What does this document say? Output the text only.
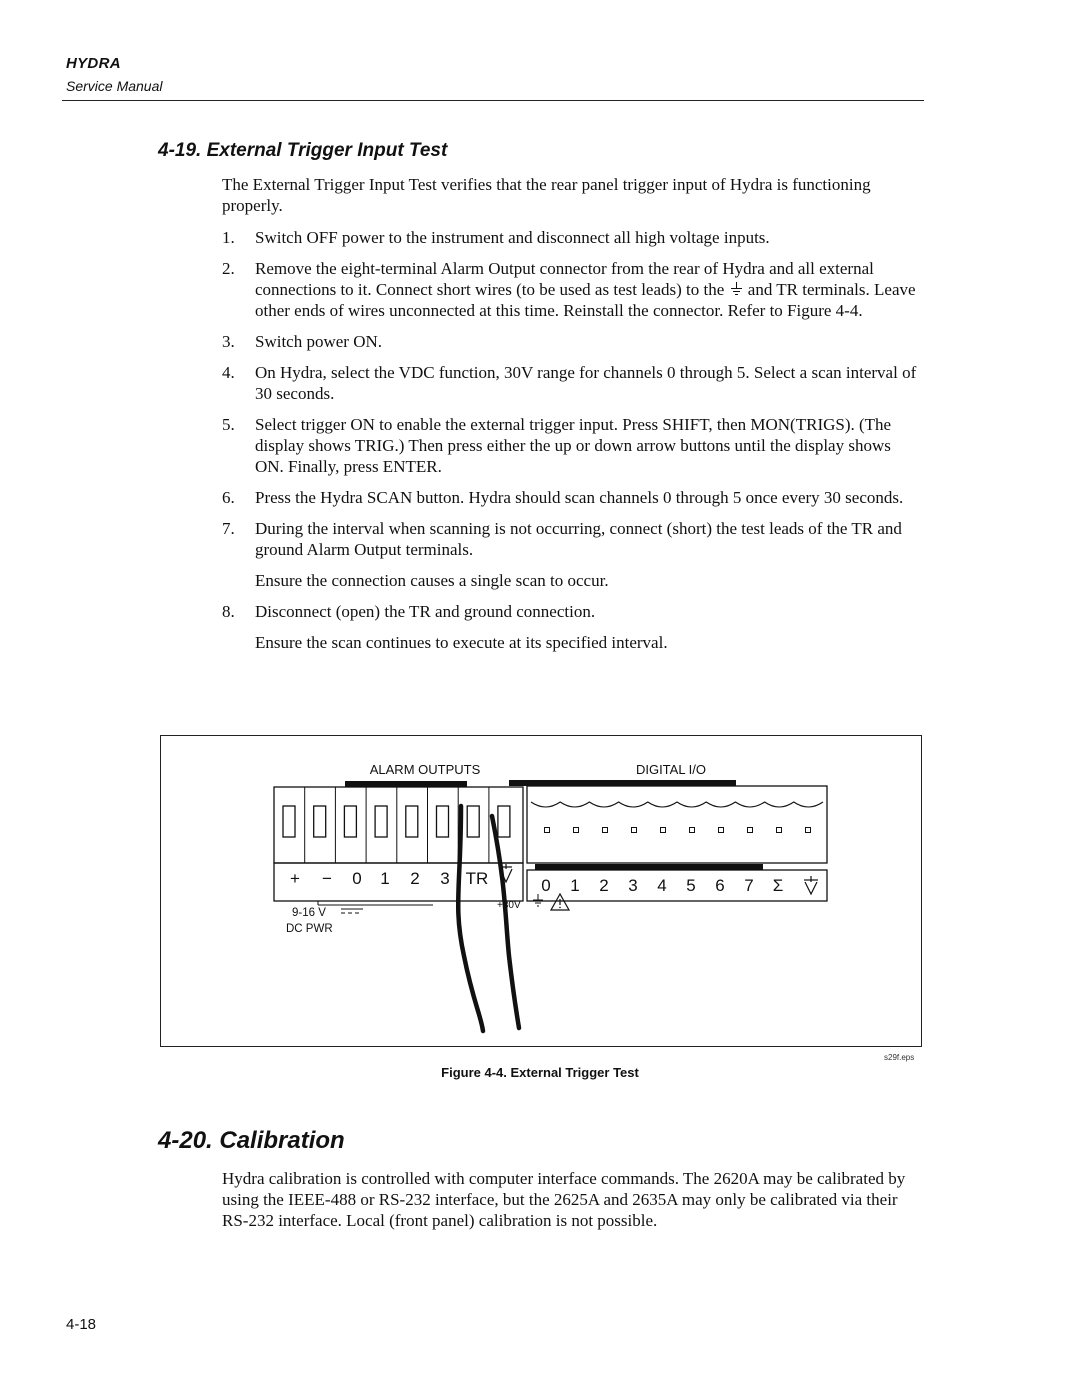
HYDRA
Service Manual
4-19. External Trigger Input Test

The External Trigger Input Test verifies that the rear panel trigger input of Hydra is functioning properly.

1. Switch OFF power to the instrument and disconnect all high voltage inputs.
2. Remove the eight-terminal Alarm Output connector from the rear of Hydra and all external connections to it. Connect short wires (to be used as test leads) to the and TR terminals. Leave other ends of wires unconnected at this time. Reinstall the connector. Refer to Figure 4-4.
3. Switch power ON.
4. On Hydra, select the VDC function, 30V range for channels 0 through 5. Select a scan interval of 30 seconds.
5. Select trigger ON to enable the external trigger input. Press SHIFT, then MON(TRIGS). (The display shows TRIG.) Then press either the up or down arrow buttons until the display shows ON. Finally, press ENTER.
6. Press the Hydra SCAN button. Hydra should scan channels 0 through 5 once every 30 seconds.
7. During the interval when scanning is not occurring, connect (short) the test leads of the TR and ground Alarm Output terminals.
Ensure the connection causes a single scan to occur.
8. Disconnect (open) the TR and ground connection.
Ensure the scan continues to execute at its specified interval.
ALARM OUTPUTS	DIGITAL I/O
+ − 0 1 2 3 TR	0 1 2 3 4 5 6 7 Σ
9-16 V
DC PWR
+30V
s29f.eps
Figure 4-4. External Trigger Test
4-20. Calibration

Hydra calibration is controlled with computer interface commands. The 2620A may be calibrated by using the IEEE-488 or RS-232 interface, but the 2625A and 2635A may only be calibrated via their RS-232 interface. Local (front panel) calibration is not possible.

4-18
